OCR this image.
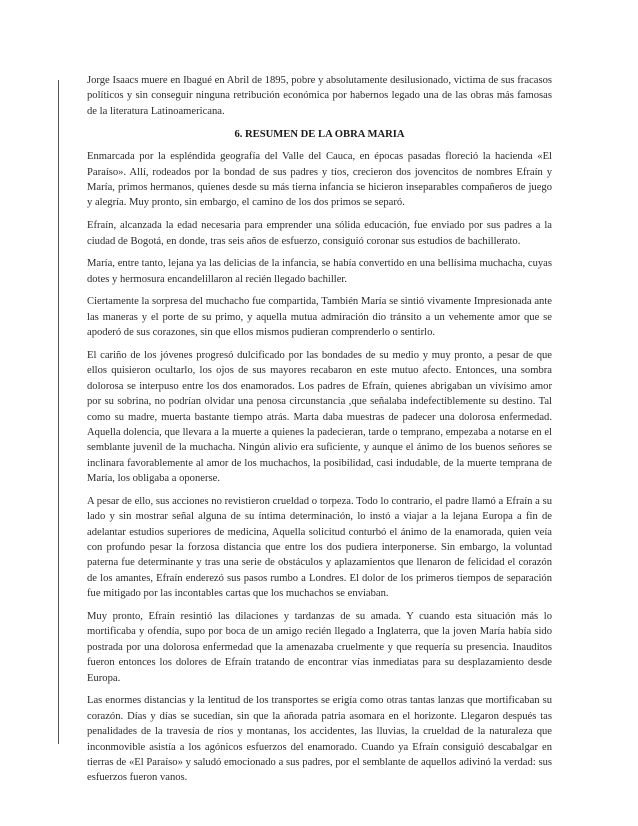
Jorge Isaacs muere en Ibagué en Abril de 1895, pobre y absolutamente desilusionado, victima de sus fracasos políticos y sin conseguir ninguna retribución económica por habernos legado una de las obras más famosas de la literatura Latinoamericana.

6. RESUMEN DE LA OBRA MARIA

Enmarcada por la espléndida geografía del Valle del Cauca, en épocas pasadas floreció la hacienda «El Paraíso». Allí, rodeados por la bondad de sus padres y tíos, crecieron dos jovencitos de nombres Efraín y María, primos hermanos, quienes desde su más tierna infancia se hicieron inseparables compañeros de juego y alegría. Muy pronto, sin embargo, el camino de los dos primos se separó.

Efraín, alcanzada la edad necesaria para emprender una sólida educación, fue enviado por sus padres a la ciudad de Bogotá, en donde, tras seis años de esfuerzo, consiguió coronar sus estudios de bachillerato.

María, entre tanto, lejana ya las delicias de la infancia, se había convertido en una bellísima muchacha, cuyas dotes y hermosura encandelillaron al recién llegado bachiller.

Ciertamente la sorpresa del muchacho fue compartida, También María se sintió vivamente Impresionada ante las maneras y el porte de su primo, y aquella mutua admiración dio tránsito a un vehemente amor que se apoderó de sus corazones, sin que ellos mismos pudieran comprenderlo o sentirlo.

El cariño de los jóvenes progresó dulcificado por las bondades de su medio y muy pronto, a pesar de que ellos quisieron ocultarlo, los ojos de sus mayores recabaron en este mutuo afecto. Entonces, una sombra dolorosa se interpuso entre los dos enamorados. Los padres de Efraín, quienes abrigaban un vivísimo amor por su sobrina, no podrían olvidar una penosa circunstancia ,que señalaba indefectiblemente su destino. Tal como su madre, muerta bastante tiempo atrás. Marta daba muestras de padecer una dolorosa enfermedad. Aquella dolencia, que llevara a la muerte a quienes la padecieran, tarde o temprano, empezaba a notarse en el semblante juvenil de la muchacha. Ningún alivio era suficiente, y aunque el ánimo de los buenos señores se inclinara favorablemente al amor de los muchachos, la posibilidad, casi indudable, de la muerte temprana de María, los obligaba a oponerse.

A pesar de ello, sus acciones no revistieron crueldad o torpeza. Todo lo contrario, el padre llamó a Efraín a su lado y sin mostrar señal alguna de su íntima determinación, lo instó a viajar a la lejana Europa a fin de adelantar estudios superiores de medicina, Aquella solicitud conturbó el ánimo de la enamorada, quien veía con profundo pesar la forzosa distancia que entre los dos pudiera interponerse. Sin embargo, la voluntad paterna fue determinante y tras una serie de obstáculos y aplazamientos que llenaron de felicidad el corazón de los amantes, Efraín enderezó sus pasos rumbo a Londres. El dolor de los primeros tiempos de separación fue mitigado por las incontables cartas que los muchachos se enviaban.

Muy pronto, Efraín resintió las dilaciones y tardanzas de su amada. Y cuando esta situación más lo mortificaba y ofendía, supo por boca de un amigo recién llegado a Inglaterra, que la joven María había sido postrada por una dolorosa enfermedad que la amenazaba cruelmente y que requería su presencia. Inauditos fueron entonces los dolores de Efraín tratando de encontrar vías inmediatas para su desplazamiento desde Europa.

Las enormes distancias y la lentitud de los transportes se erigía como otras tantas lanzas que mortificaban su corazón. Días y días se sucedían, sin que la añorada patria asomara en el horizonte. Llegaron después tas penalidades de la travesía de ríos y montanas, los accidentes, las lluvias, la crueldad de la naturaleza que inconmovible asistía a los agónicos esfuerzos del enamorado. Cuando ya Efraín consiguió descabalgar en tierras de «El Paraíso» y saludó emocionado a sus padres, por el semblante de aquellos adivinó la verdad: sus esfuerzos fueron vanos.
